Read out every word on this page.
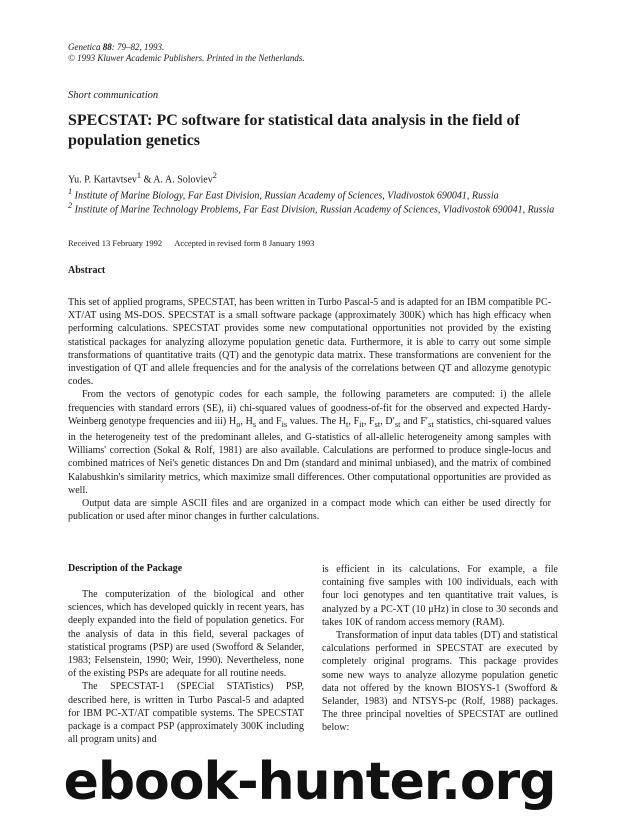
Genetica 88: 79–82, 1993.
© 1993 Kluwer Academic Publishers. Printed in the Netherlands.
Short communication
SPECSTAT: PC software for statistical data analysis in the field of population genetics
Yu. P. Kartavtsev$^1$ & A. A. Soloviev$^2$
$^1$ Institute of Marine Biology, Far East Division, Russian Academy of Sciences, Vladivostok 690041, Russia
$^2$ Institute of Marine Technology Problems, Far East Division, Russian Academy of Sciences, Vladivostok 690041, Russia
Received 13 February 1992 Accepted in revised form 8 January 1993
Abstract

This set of applied programs, SPECSTAT, has been written in Turbo Pascal-5 and is adapted for an IBM compatible PC-XT/AT using MS-DOS. SPECSTAT is a small software package (approximately 300K) which has high efficacy when performing calculations. SPECSTAT provides some new computational opportunities not provided by the existing statistical packages for analyzing allozyme population genetic data. Furthermore, it is able to carry out some simple transformations of quantitative traits (QT) and the genotypic data matrix. These transformations are convenient for the investigation of QT and allele frequencies and for the analysis of the correlations between QT and allozyme genotypic codes.

From the vectors of genotypic codes for each sample, the following parameters are computed: i) the allele frequencies with standard errors (SE), ii) chi-squared values of goodness-of-fit for the observed and expected Hardy-Weinberg genotype frequencies and iii) $H_o$, $H_s$ and $F_{is}$ values. The $H_t$, $F_{it}$, $F_{st}$, $D'_{st}$ and $F'_{st}$ statistics, chi-squared values in the heterogeneity test of the predominant alleles, and G-statistics of all-allelic heterogeneity among samples with Williams' correction (Sokal & Rolf, 1981) are also available. Calculations are performed to produce single-locus and combined matrices of Nei's genetic distances Dn and Dm (standard and minimal unbiased), and the matrix of combined Kalabushkin's similarity metrics, which maximize small differences. Other computational opportunities are provided as well.

Output data are simple ASCII files and are organized in a compact mode which can either be used directly for publication or used after minor changes in further calculations.

Description of the Package

The computerization of the biological and other sciences, which has developed quickly in recent years, has deeply expanded into the field of population genetics. For the analysis of data in this field, several packages of statistical programs (PSP) are used (Swofford & Selander, 1983; Felsenstein, 1990; Weir, 1990). Nevertheless, none of the existing PSPs are adequate for all routine needs.

The SPECSTAT-1 (SPECial STATistics) PSP, described here, is written in Turbo Pascal-5 and adapted for IBM PC-XT/AT compatible systems. The SPECSTAT package is a compact PSP (approximately 300K including all program units) and

is efficient in its calculations. For example, a file containing five samples with 100 individuals, each with four loci genotypes and ten quantitative trait values, is analyzed by a PC-XT (10 μHz) in close to 30 seconds and takes 10K of random access memory (RAM).

Transformation of input data tables (DT) and statistical calculations performed in SPECSTAT are executed by completely original programs. This package provides some new ways to analyze allozyme population genetic data not offered by the known BIOSYS-1 (Swofford & Selander, 1983) and NTSYS-pc (Rolf, 1988) packages. The three principal novelties of SPECSTAT are outlined below:

ebook-hunter.org
